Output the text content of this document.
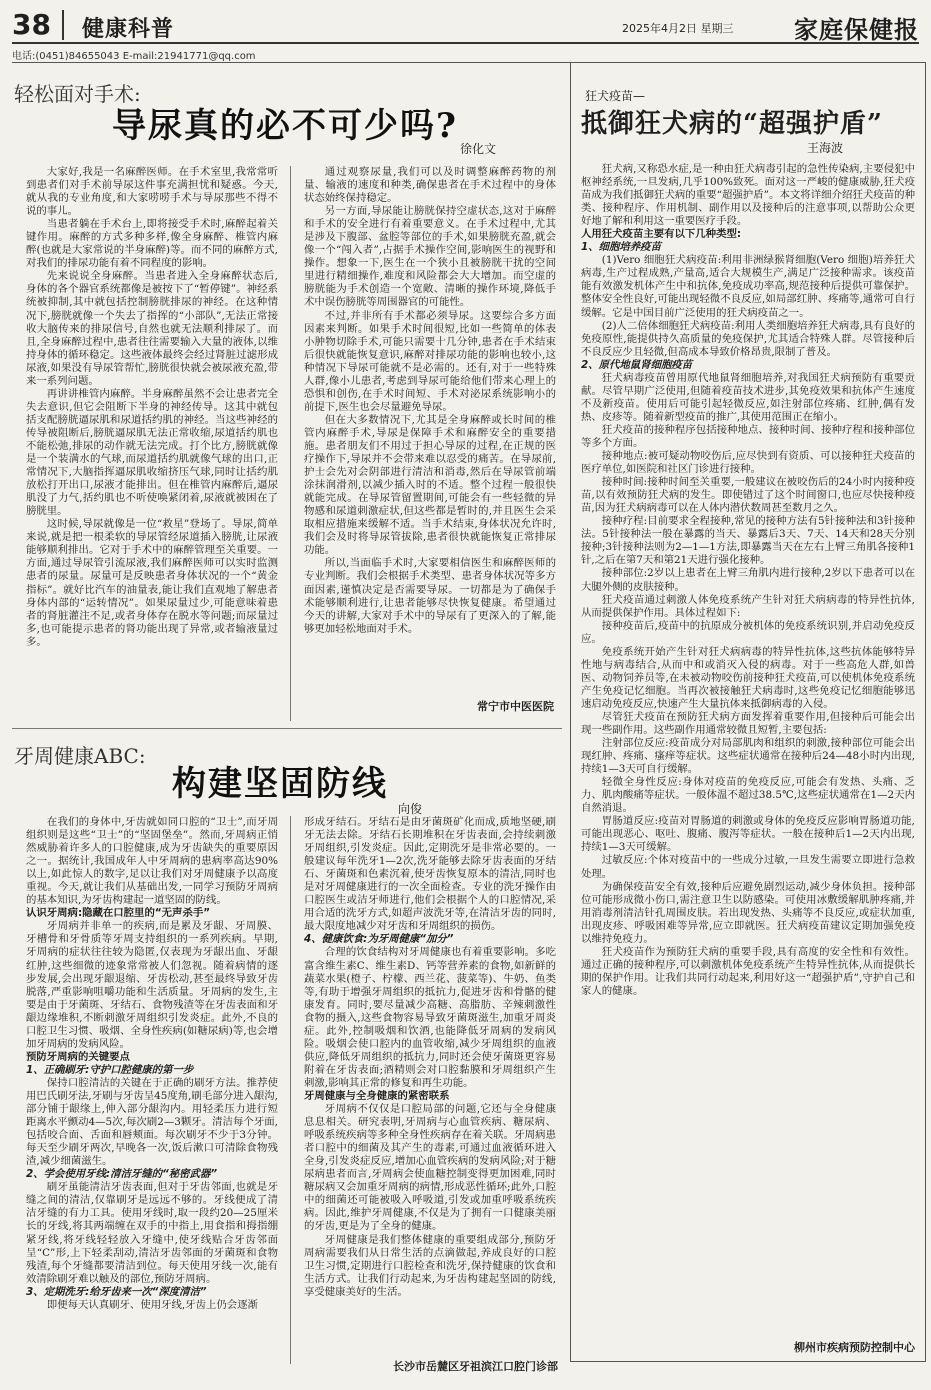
38 健康科普	2025年4月2日 星期三	家庭保健报
电话:(0451)84655043 E-mail:21941771@qq.com
轻松面对手术:
导尿真的必不可少吗?
徐化文

大家好,我是一名麻醉医师。在手术室里,我常常听到患者们对手术前导尿这件事充满担忧和疑惑。今天,就从我的专业角度,和大家唠唠手术与导尿那些不得不说的事儿。

当患者躺在手术台上,即将接受手术时,麻醉起着关键作用。麻醉的方式多种多样,像全身麻醉、椎管内麻醉(也就是大家常说的半身麻醉)等。而不同的麻醉方式,对我们的排尿功能有着不同程度的影响。

先来说说全身麻醉。当患者进入全身麻醉状态后,身体的各个器官系统都像是被按下了“暂停键”。神经系统被抑制,其中就包括控制膀胱排尿的神经。在这种情况下,膀胱就像一个失去了指挥的“小部队”,无法正常接收大脑传来的排尿信号,自然也就无法顺利排尿了。而且,全身麻醉过程中,患者往往需要输入大量的液体,以维持身体的循环稳定。这些液体最终会经过肾脏过滤形成尿液,如果没有导尿管帮忙,膀胱很快就会被尿液充盈,带来一系列问题。

再讲讲椎管内麻醉。半身麻醉虽然不会让患者完全失去意识,但它会阻断下半身的神经传导。这其中就包括支配膀胱逼尿肌和尿道括约肌的神经。当这些神经的传导被阻断后,膀胱逼尿肌无法正常收缩,尿道括约肌也不能松弛,排尿的动作就无法完成。打个比方,膀胱就像是一个装满水的气球,而尿道括约肌就像气球的出口,正常情况下,大脑指挥逼尿肌收缩挤压气球,同时让括约肌放松打开出口,尿液才能排出。但在椎管内麻醉后,逼尿肌没了力气,括约肌也不听使唤紧闭着,尿液就被困在了膀胱里。

这时候,导尿就像是一位“救星”登场了。导尿,简单来说,就是把一根柔软的导尿管经尿道插入膀胱,让尿液能够顺利排出。它对于手术中的麻醉管理至关重要。一方面,通过导尿管引流尿液,我们麻醉医师可以实时监测患者的尿量。尿量可是反映患者身体状况的一个“黄金指标”。就好比汽车的油量表,能让我们直观地了解患者身体内部的“运转情况”。如果尿量过少,可能意味着患者的肾脏灌注不足,或者身体存在脱水等问题;而尿量过多,也可能提示患者的肾功能出现了异常,或者输液量过多。

通过观察尿量,我们可以及时调整麻醉药物的剂量、输液的速度和种类,确保患者在手术过程中的身体状态始终保持稳定。

另一方面,导尿能让膀胱保持空虚状态,这对于麻醉和手术的安全进行有着重要意义。在手术过程中,尤其是涉及下腹部、盆腔等部位的手术,如果膀胱充盈,就会像一个“闯入者”,占据手术操作空间,影响医生的视野和操作。想象一下,医生在一个狭小且被膀胱干扰的空间里进行精细操作,难度和风险都会大大增加。而空虚的膀胱能为手术创造一个宽敞、清晰的操作环境,降低手术中误伤膀胱等周围器官的可能性。

不过,并非所有手术都必须导尿。这要综合多方面因素来判断。如果手术时间很短,比如一些简单的体表小肿物切除手术,可能只需要十几分钟,患者在手术结束后很快就能恢复意识,麻醉对排尿功能的影响也较小,这种情况下导尿可能就不是必需的。还有,对于一些特殊人群,像小儿患者,考虑到导尿可能给他们带来心理上的恐惧和创伤,在手术时间短、手术对泌尿系统影响小的前提下,医生也会尽量避免导尿。

但在大多数情况下,尤其是全身麻醉或长时间的椎管内麻醉手术,导尿是保障手术和麻醉安全的重要措施。患者朋友们不用过于担心导尿的过程,在正规的医疗操作下,导尿并不会带来难以忍受的痛苦。在导尿前,护士会先对会阴部进行清洁和消毒,然后在导尿管前端涂抹润滑剂,以减少插入时的不适。整个过程一般很快就能完成。在导尿管留置期间,可能会有一些轻微的异物感和尿道刺激症状,但这些都是暂时的,并且医生会采取相应措施来缓解不适。当手术结束,身体状况允许时,我们会及时将导尿管拔除,患者很快就能恢复正常排尿功能。

所以,当面临手术时,大家要相信医生和麻醉医师的专业判断。我们会根据手术类型、患者身体状况等多方面因素,谨慎决定是否需要导尿。一切都是为了确保手术能够顺利进行,让患者能够尽快恢复健康。希望通过今天的讲解,大家对手术中的导尿有了更深入的了解,能够更加轻松地面对手术。

常宁市中医医院
牙周健康ABC:
构建坚固防线
向俊

在我们的身体中,牙齿就如同口腔的“卫士”,而牙周组织则是这些“卫士”的“坚固堡垒”。然而,牙周病正悄然威胁着许多人的口腔健康,成为牙齿缺失的重要原因之一。据统计,我国成年人中牙周病的患病率高达90%以上,如此惊人的数字,足以让我们对牙周健康予以高度重视。今天,就让我们从基础出发,一同学习预防牙周病的基本知识,为牙齿构建起一道坚固的防线。

认识牙周病:隐藏在口腔里的“无声杀手”

牙周病并非单一的疾病,而是累及牙龈、牙周膜、牙槽骨和牙骨质等牙周支持组织的一系列疾病。早期,牙周病的症状往往较为隐匿,仅表现为牙龈出血、牙龈红肿,这些细微的迹象常常被人们忽视。随着病情的逐步发展,会出现牙龈退缩、牙齿松动,甚至最终导致牙齿脱落,严重影响咀嚼功能和生活质量。牙周病的发生,主要是由于牙菌斑、牙结石、食物残渣等在牙齿表面和牙龈边缘堆积,不断刺激牙周组织引发炎症。此外,不良的口腔卫生习惯、吸烟、全身性疾病(如糖尿病)等,也会增加牙周病的发病风险。

预防牙周病的关键要点

1、正确刷牙:守护口腔健康的第一步

保持口腔清洁的关键在于正确的刷牙方法。推荐使用巴氏刷牙法,牙刷与牙齿呈45度角,刷毛部分进入龈沟,部分铺于龈缘上,伸入部分龈沟内。用轻柔压力进行短距离水平颤动4—5次,每次刷2—3颗牙。清洁每个牙面,包括咬合面、舌面和唇颊面。每次刷牙不少于3分钟。每天至少刷牙两次,早晚各一次,饭后漱口可清除食物残渣,减少细菌滋生。

2、学会使用牙线:清洁牙缝的“秘密武器”

刷牙虽能清洁牙齿表面,但对于牙齿邻面,也就是牙缝之间的清洁,仅靠刷牙是远远不够的。牙线便成了清洁牙缝的有力工具。使用牙线时,取一段约20—25厘米长的牙线,将其两端缠在双手的中指上,用食指和拇指绷紧牙线,将牙线轻轻放入牙缝中,使牙线贴合牙齿邻面呈“C”形,上下轻柔刮动,清洁牙齿邻面的牙菌斑和食物残渣,每个牙缝都要清洁到位。每天使用牙线一次,能有效清除刷牙难以触及的部位,预防牙周病。

3、定期洗牙:给牙齿来一次“深度清洁”

即便每天认真刷牙、使用牙线,牙齿上仍会逐渐

形成牙结石。牙结石是由牙菌斑矿化而成,质地坚硬,刷牙无法去除。牙结石长期堆积在牙齿表面,会持续刺激牙周组织,引发炎症。因此,定期洗牙是非常必要的。一般建议每年洗牙1—2次,洗牙能够去除牙齿表面的牙结石、牙菌斑和色素沉着,使牙齿恢复原本的清洁,同时也是对牙周健康进行的一次全面检查。专业的洗牙操作由口腔医生或洁牙师进行,他们会根据个人的口腔情况,采用合适的洗牙方式,如超声波洗牙等,在清洁牙齿的同时,最大限度地减少对牙齿和牙周组织的损伤。

4、健康饮食:为牙周健康“加分”

合理的饮食结构对牙周健康也有着重要影响。多吃富含维生素C、维生素D、钙等营养素的食物,如新鲜的蔬菜水果(橙子、柠檬、西兰花、菠菜等)、牛奶、鱼类等,有助于增强牙周组织的抵抗力,促进牙齿和骨骼的健康发育。同时,要尽量减少高糖、高脂肪、辛辣刺激性食物的摄入,这些食物容易导致牙菌斑滋生,加重牙周炎症。此外,控制吸烟和饮酒,也能降低牙周病的发病风险。吸烟会使口腔内的血管收缩,减少牙周组织的血液供应,降低牙周组织的抵抗力,同时还会使牙菌斑更容易附着在牙齿表面;酒精则会对口腔黏膜和牙周组织产生刺激,影响其正常的修复和再生功能。

牙周健康与全身健康的紧密联系

牙周病不仅仅是口腔局部的问题,它还与全身健康息息相关。研究表明,牙周病与心血管疾病、糖尿病、呼吸系统疾病等多种全身性疾病存在着关联。牙周病患者口腔中的细菌及其产生的毒素,可通过血液循环进入全身,引发炎症反应,增加心血管疾病的发病风险;对于糖尿病患者而言,牙周病会使血糖控制变得更加困难,同时糖尿病又会加重牙周病的病情,形成恶性循环;此外,口腔中的细菌还可能被吸入呼吸道,引发或加重呼吸系统疾病。因此,维护牙周健康,不仅是为了拥有一口健康美丽的牙齿,更是为了全身的健康。

牙周健康是我们整体健康的重要组成部分,预防牙周病需要我们从日常生活的点滴做起,养成良好的口腔卫生习惯,定期进行口腔检查和洗牙,保持健康的饮食和生活方式。让我们行动起来,为牙齿构建起坚固的防线,享受健康美好的生活。

长沙市岳麓区牙祖滨江口腔门诊部
狂犬疫苗—
抵御狂犬病的“超强护盾”
王海波

狂犬病,又称恐水症,是一种由狂犬病毒引起的急性传染病,主要侵犯中枢神经系统,一旦发病,几乎100%致死。面对这一严峻的健康威胁,狂犬疫苗成为我们抵御狂犬病的重要“超强护盾”。本文将详细介绍狂犬疫苗的种类、接种程序、作用机制、副作用以及接种后的注意事项,以帮助公众更好地了解和利用这一重要医疗手段。

人用狂犬疫苗主要有以下几种类型:

1、细胞培养疫苗

(1)Vero 细胞狂犬病疫苗:利用非洲绿猴肾细胞(Vero 细胞)培养狂犬病毒,生产过程成熟,产量高,适合大规模生产,满足广泛接种需求。该疫苗能有效激发机体产生中和抗体,免疫成功率高,规范接种后提供可靠保护。整体安全性良好,可能出现轻微不良反应,如局部红肿、疼痛等,通常可自行缓解。它是中国目前广泛使用的狂犬病疫苗之一。

(2)人二倍体细胞狂犬病疫苗:利用人类细胞培养狂犬病毒,具有良好的免疫原性,能提供持久高质量的免疫保护,尤其适合特殊人群。尽管接种后不良反应少且轻微,但高成本导致价格昂贵,限制了普及。

2、原代地鼠肾细胞疫苗

狂犬病毒疫苗曾用原代地鼠肾细胞培养,对我国狂犬病预防有重要贡献。尽管早期广泛使用,但随着疫苗技术进步,其免疫效果和抗体产生速度不及新疫苗。使用后可能引起轻微反应,如注射部位疼痛、红肿,偶有发热、皮疹等。随着新型疫苗的推广,其使用范围正在缩小。

狂犬疫苗的接种程序包括接种地点、接种时间、接种疗程和接种部位等多个方面。

接种地点:被可疑动物咬伤后,应尽快到有资质、可以接种狂犬疫苗的医疗单位,如医院和社区门诊进行接种。

接种时间:接种时间至关重要,一般建议在被咬伤后的24小时内接种疫苗,以有效预防狂犬病的发生。即使错过了这个时间窗口,也应尽快接种疫苗,因为狂犬病病毒可以在人体内潜伏数周甚至数月之久。

接种疗程:目前要求全程接种,常见的接种方法有5针接种法和3针接种法。5针接种法一般在暴露的当天、暴露后3天、7天、14天和28天分别接种;3针接种法则为2—1—1方法,即暴露当天在左右上臂三角肌各接种1针,之后在第7天和第21天进行强化接种。

接种部位:2岁以上患者在上臂三角肌内进行接种,2岁以下患者可以在大腿外侧的皮肤接种。

狂犬疫苗通过刺激人体免疫系统产生针对狂犬病病毒的特异性抗体,从而提供保护作用。具体过程如下:

接种疫苗后,疫苗中的抗原成分被机体的免疫系统识别,并启动免疫反应。

免疫系统开始产生针对狂犬病病毒的特异性抗体,这些抗体能够特异性地与病毒结合,从而中和或消灭入侵的病毒。对于一些高危人群,如兽医、动物饲养员等,在未被动物咬伤前接种狂犬疫苗,可以使机体免疫系统产生免疫记忆细胞。当再次被接触狂犬病毒时,这些免疫记忆细胞能够迅速启动免疫反应,快速产生大量抗体来抵御病毒的入侵。

尽管狂犬疫苗在预防狂犬病方面发挥着重要作用,但接种后可能会出现一些副作用。这些副作用通常较微且短暂,主要包括:

注射部位反应:疫苗成分对局部肌肉和组织的刺激,接种部位可能会出现红肿、疼痛、瘙痒等症状。这些症状通常在接种后24—48小时内出现,持续1—3天可自行缓解。

轻微全身性反应:身体对疫苗的免疫反应,可能会有发热、头痛、乏力、肌肉酸痛等症状。一般体温不超过38.5℃,这些症状通常在1—2天内自然消退。

胃肠道反应:疫苗对胃肠道的刺激或身体的免疫反应影响胃肠道功能,可能出现恶心、呕吐、腹痛、腹泻等症状。一般在接种后1—2天内出现,持续1—3天可缓解。

过敏反应:个体对疫苗中的一些成分过敏,一旦发生需要立即进行急救处理。

为确保疫苗安全有效,接种后应避免剧烈运动,减少身体负担。接种部位可能形成微小伤口,需注意卫生以防感染。可使用冰敷缓解肌肿疼痛,并用消毒剂清洁针孔周围皮肤。若出现发热、头痛等不良反应,或症状加重,出现皮疹、呼吸困难等异常,应立即就医。狂犬病疫苗建议定期加强免疫以维持免疫力。

狂犬疫苗作为预防狂犬病的重要手段,具有高度的安全性和有效性。通过正确的接种程序,可以刺激机体免疫系统产生特异性抗体,从而提供长期的保护作用。让我们共同行动起来,利用好这一“超强护盾”,守护自己和家人的健康。

柳州市疾病预防控制中心
